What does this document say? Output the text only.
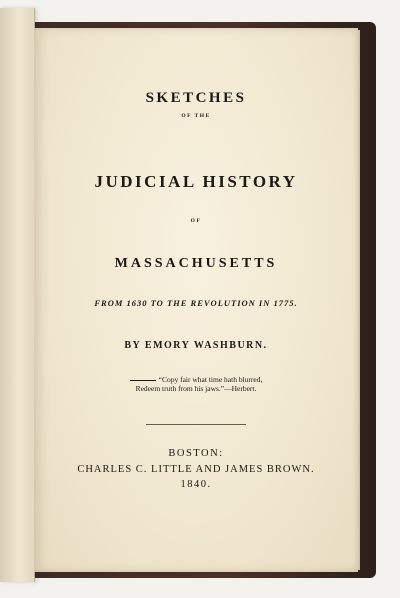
SKETCHES
OF THE
JUDICIAL HISTORY
OF
MASSACHUSETTS
FROM 1630 TO THE REVOLUTION IN 1775.
BY EMORY WASHBURN.
“Copy fair what time hath blurred,
Redeem truth from his jaws.”—Herbert.
BOSTON:
CHARLES C. LITTLE AND JAMES BROWN.
1840.
